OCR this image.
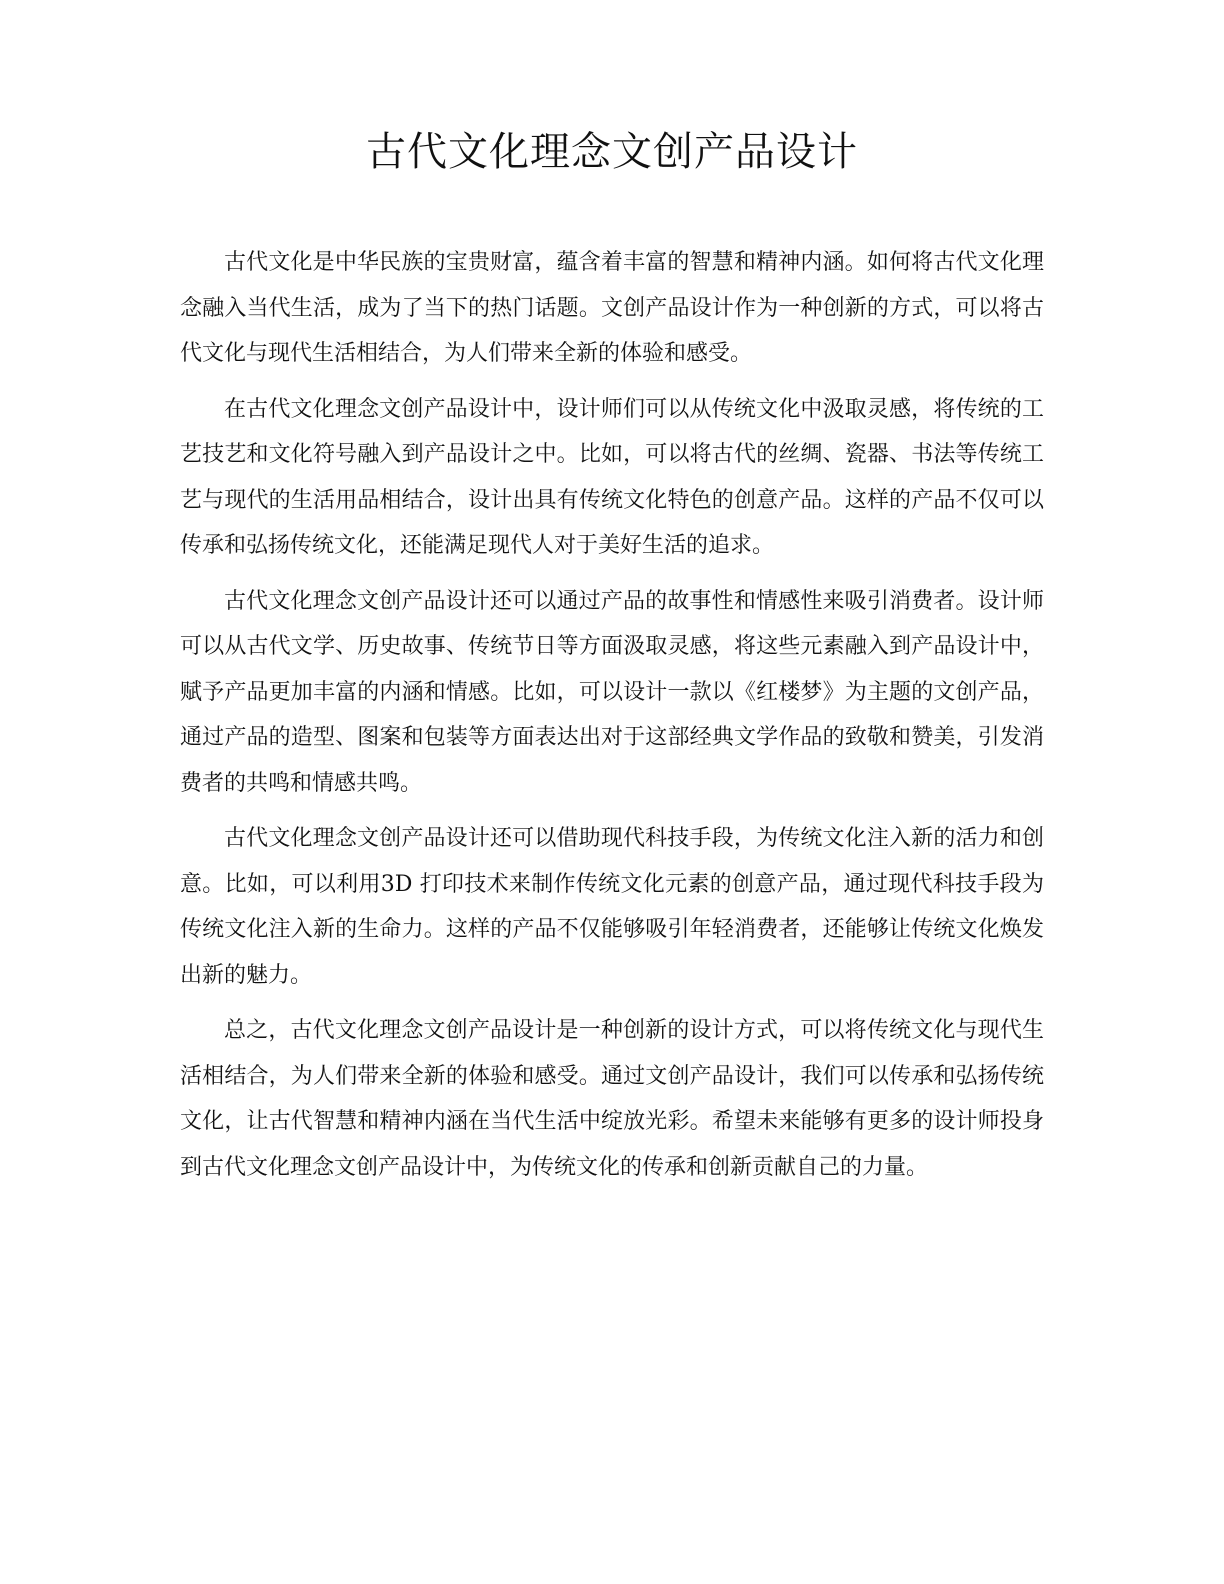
古代文化理念文创产品设计

古代文化是中华民族的宝贵财富，蕴含着丰富的智慧和精神内涵。如何将古代文化理念融入当代生活，成为了当下的热门话题。文创产品设计作为一种创新的方式，可以将古代文化与现代生活相结合，为人们带来全新的体验和感受。

在古代文化理念文创产品设计中，设计师们可以从传统文化中汲取灵感，将传统的工艺技艺和文化符号融入到产品设计之中。比如，可以将古代的丝绸、瓷器、书法等传统工艺与现代的生活用品相结合，设计出具有传统文化特色的创意产品。这样的产品不仅可以传承和弘扬传统文化，还能满足现代人对于美好生活的追求。

古代文化理念文创产品设计还可以通过产品的故事性和情感性来吸引消费者。设计师可以从古代文学、历史故事、传统节日等方面汲取灵感，将这些元素融入到产品设计中，赋予产品更加丰富的内涵和情感。比如，可以设计一款以《红楼梦》为主题的文创产品，通过产品的造型、图案和包装等方面表达出对于这部经典文学作品的致敬和赞美，引发消费者的共鸣和情感共鸣。

古代文化理念文创产品设计还可以借助现代科技手段，为传统文化注入新的活力和创意。比如，可以利用3D 打印技术来制作传统文化元素的创意产品，通过现代科技手段为传统文化注入新的生命力。这样的产品不仅能够吸引年轻消费者，还能够让传统文化焕发出新的魅力。

总之，古代文化理念文创产品设计是一种创新的设计方式，可以将传统文化与现代生活相结合，为人们带来全新的体验和感受。通过文创产品设计，我们可以传承和弘扬传统文化，让古代智慧和精神内涵在当代生活中绽放光彩。希望未来能够有更多的设计师投身到古代文化理念文创产品设计中，为传统文化的传承和创新贡献自己的力量。
